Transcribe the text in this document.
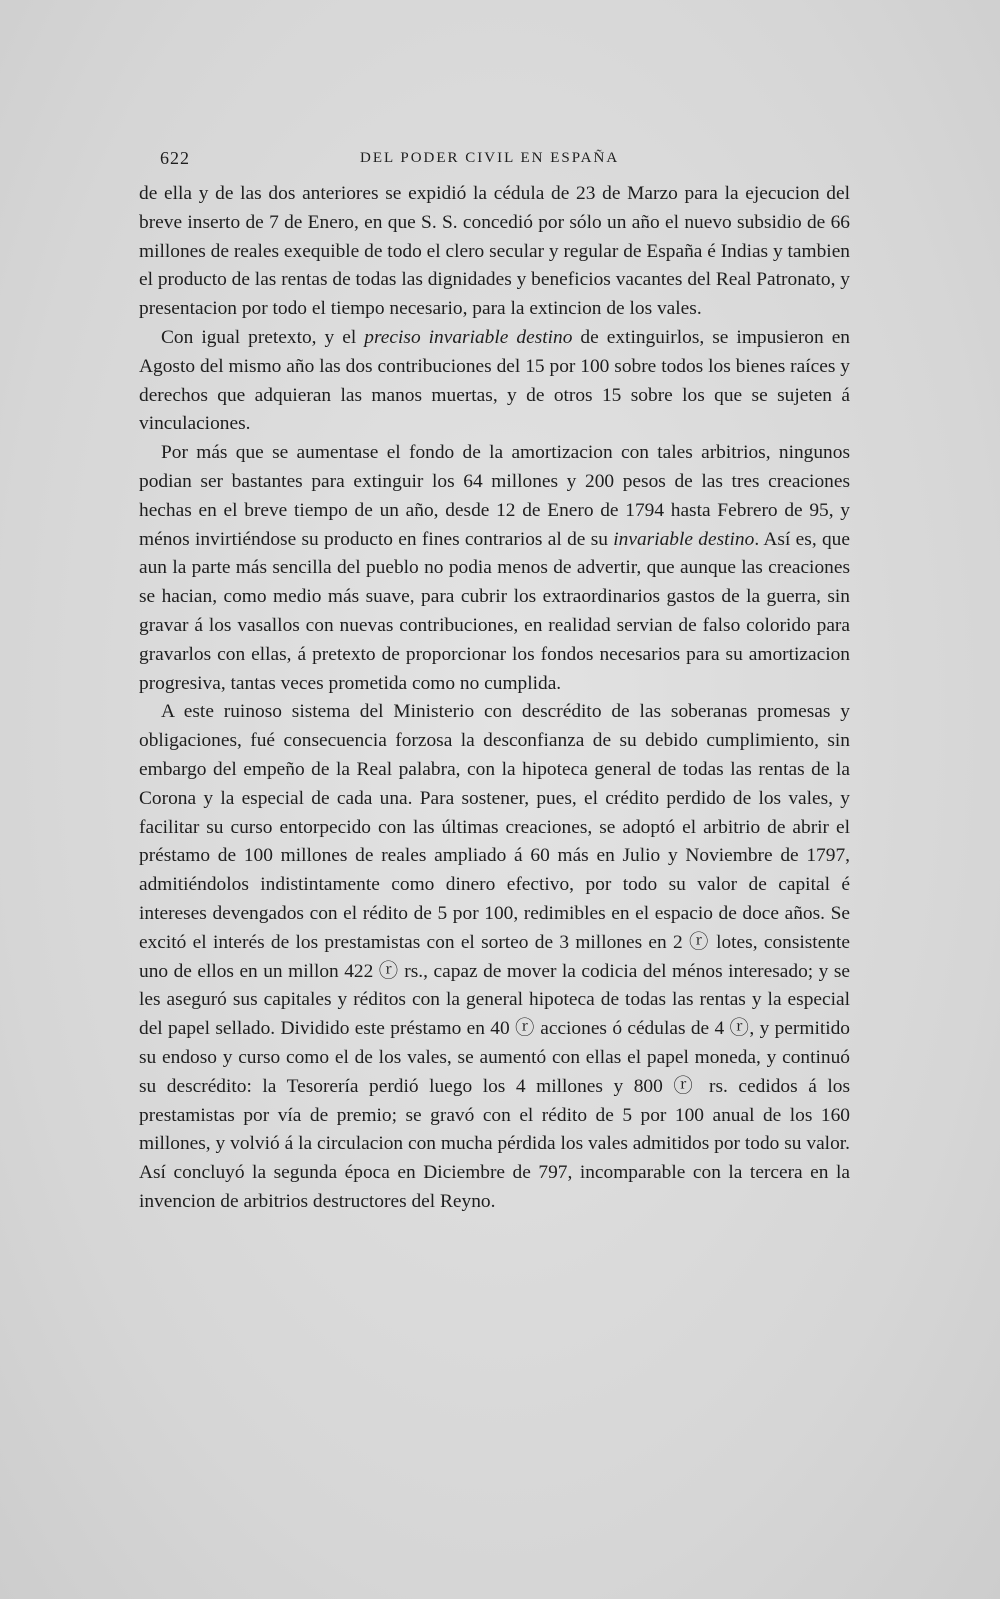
622	DEL PODER CIVIL EN ESPAÑA

de ella y de las dos anteriores se expidió la cédula de 23 de Marzo para la ejecucion del breve inserto de 7 de Enero, en que S. S. concedió por sólo un año el nuevo subsidio de 66 millones de reales exequible de todo el clero secular y regular de España é Indias y tambien el producto de las rentas de todas las dignidades y beneficios vacantes del Real Patronato, y presentacion por todo el tiempo necesario, para la extincion de los vales.

Con igual pretexto, y el preciso invariable destino de extinguirlos, se impusieron en Agosto del mismo año las dos contribuciones del 15 por 100 sobre todos los bienes raíces y derechos que adquieran las manos muertas, y de otros 15 sobre los que se sujeten á vinculaciones.

Por más que se aumentase el fondo de la amortizacion con tales arbitrios, ningunos podian ser bastantes para extinguir los 64 millones y 200 pesos de las tres creaciones hechas en el breve tiempo de un año, desde 12 de Enero de 1794 hasta Febrero de 95, y ménos invirtiéndose su producto en fines contrarios al de su invariable destino. Así es, que aun la parte más sencilla del pueblo no podia menos de advertir, que aunque las creaciones se hacian, como medio más suave, para cubrir los extraordinarios gastos de la guerra, sin gravar á los vasallos con nuevas contribuciones, en realidad servian de falso colorido para gravarlos con ellas, á pretexto de proporcionar los fondos necesarios para su amortizacion progresiva, tantas veces prometida como no cumplida.

A este ruinoso sistema del Ministerio con descrédito de las soberanas promesas y obligaciones, fué consecuencia forzosa la desconfianza de su debido cumplimiento, sin embargo del empeño de la Real palabra, con la hipoteca general de todas las rentas de la Corona y la especial de cada una. Para sostener, pues, el crédito perdido de los vales, y facilitar su curso entorpecido con las últimas creaciones, se adoptó el arbitrio de abrir el préstamo de 100 millones de reales ampliado á 60 más en Julio y Noviembre de 1797, admitiéndolos indistintamente como dinero efectivo, por todo su valor de capital é intereses devengados con el rédito de 5 por 100, redimibles en el espacio de doce años. Se excitó el interés de los prestamistas con el sorteo de 3 millones en 2 ⓡ lotes, consistente uno de ellos en un millon 422 ⓡ rs., capaz de mover la codicia del ménos interesado; y se les aseguró sus capitales y réditos con la general hipoteca de todas las rentas y la especial del papel sellado. Dividido este préstamo en 40 ⓡ acciones ó cédulas de 4 ⓡ, y permitido su endoso y curso como el de los vales, se aumentó con ellas el papel moneda, y continuó su descrédito: la Tesorería perdió luego los 4 millones y 800 ⓡ rs. cedidos á los prestamistas por vía de premio; se gravó con el rédito de 5 por 100 anual de los 160 millones, y volvió á la circulacion con mucha pérdida los vales admitidos por todo su valor. Así concluyó la segunda época en Diciembre de 797, incomparable con la tercera en la invencion de arbitrios destructores del Reyno.
